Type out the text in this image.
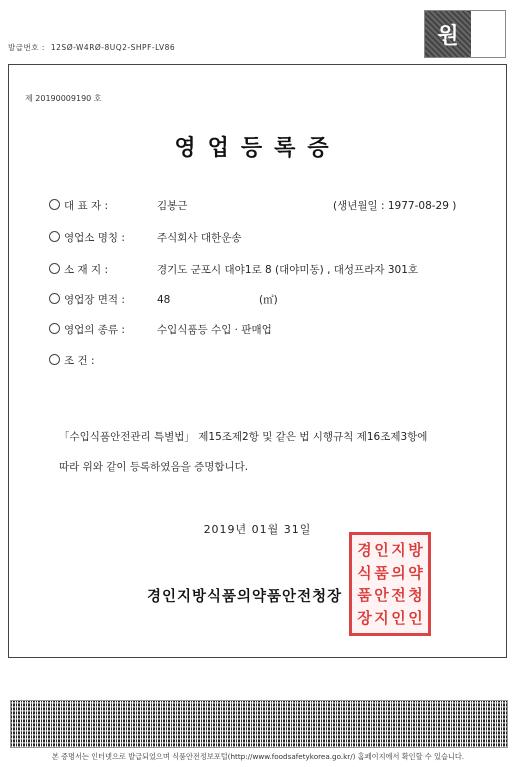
발급번호 : 12SØ-W4RØ-8UQ2-SHPF-LV86	원
제 20190009190 호
영업등록증
대 표 자 :	김봉근	(생년월일 : 1977-08-29 )
영업소 명칭 :	주식회사 대한운송
소 재 지 :	경기도 군포시 대야1로 8 (대야미동) , 대성프라자 301호
영업장 면적 :	48	(㎡)
영업의 종류 :	수입식품등 수입 · 판매업
조 건 :
「수입식품안전관리 특별법」 제15조제2항 및 같은 법 시행규칙 제16조제3항에
따라 위와 같이 등록하였음을 증명합니다.
2019년 01월 31일
경인지방식품의약품안전청장
경 인 지 방
식 품 의 약
품 안 전 청
장 지 인 인
본 증명서는 인터넷으로 발급되었으며 식품안전정보포털(http://www.foodsafetykorea.go.kr/) 홈페이지에서 확인할 수 있습니다.
